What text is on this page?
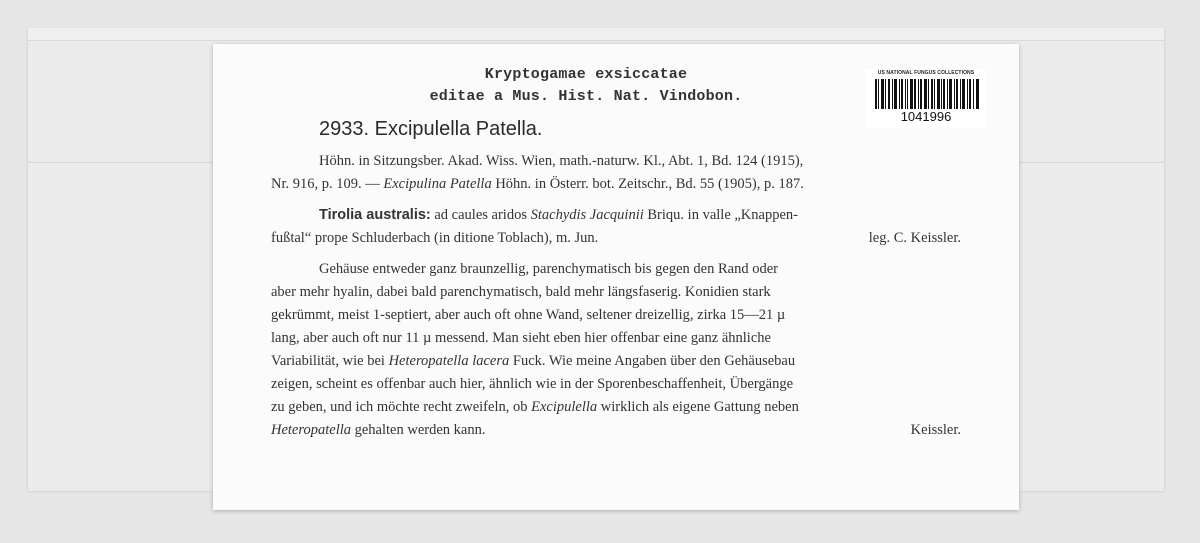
Kryptogamae exsiccatae
editae a Mus. Hist. Nat. Vindobon.
US NATIONAL FUNGUS COLLECTIONS
1041996
2933. Excipulella Patella.
Höhn. in Sitzungsber. Akad. Wiss. Wien, math.-naturw. Kl., Abt. 1, Bd. 124 (1915),
Nr. 916, p. 109. — Excipulina Patella Höhn. in Österr. bot. Zeitschr., Bd. 55 (1905), p. 187.
Tirolia australis: ad caules aridos Stachydis Jacquinii Briqu. in valle „Knappen-
fußtal“ prope Schluderbach (in ditione Toblach), m. Jun.	leg. C. Keissler.
Gehäuse entweder ganz braunzellig, parenchymatisch bis gegen den Rand oder
aber mehr hyalin, dabei bald parenchymatisch, bald mehr längsfaserig. Konidien stark
gekrümmt, meist 1-septiert, aber auch oft ohne Wand, seltener dreizellig, zirka 15—21 µ
lang, aber auch oft nur 11 µ messend. Man sieht eben hier offenbar eine ganz ähnliche
Variabilität, wie bei Heteropatella lacera Fuck. Wie meine Angaben über den Gehäusebau
zeigen, scheint es offenbar auch hier, ähnlich wie in der Sporenbeschaffenheit, Übergänge
zu geben, und ich möchte recht zweifeln, ob Excipulella wirklich als eigene Gattung neben
Heteropatella gehalten werden kann.	Keissler.
